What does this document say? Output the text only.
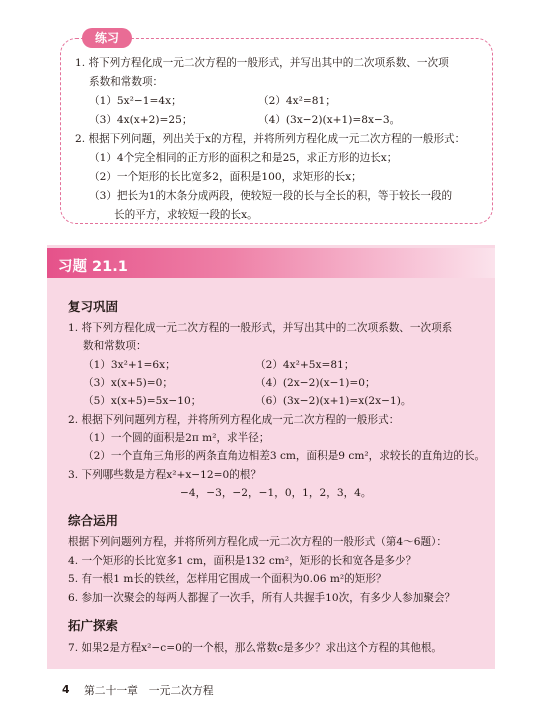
练习
1. 将下列方程化成一元二次方程的一般形式，并写出其中的二次项系数、一次项
系数和常数项：
（1）5x²−1=4x；	（2）4x²=81；
（3）4x(x+2)=25；	（4）(3x−2)(x+1)=8x−3。
2. 根据下列问题，列出关于x的方程，并将所列方程化成一元二次方程的一般形式：
（1）4个完全相同的正方形的面积之和是25，求正方形的边长x；
（2）一个矩形的长比宽多2，面积是100，求矩形的长x；
（3）把长为1的木条分成两段，使较短一段的长与全长的积，等于较长一段的
长的平方，求较短一段的长x。
习题 21.1
复习巩固
1. 将下列方程化成一元二次方程的一般形式，并写出其中的二次项系数、一次项系
数和常数项：
（1）3x²+1=6x；	（2）4x²+5x=81；
（3）x(x+5)=0；	（4）(2x−2)(x−1)=0；
（5）x(x+5)=5x−10；	（6）(3x−2)(x+1)=x(2x−1)。
2. 根据下列问题列方程，并将所列方程化成一元二次方程的一般形式：
（1）一个圆的面积是2π m²，求半径；
（2）一个直角三角形的两条直角边相差3 cm，面积是9 cm²，求较长的直角边的长。
3. 下列哪些数是方程x²+x−12=0的根？
−4，−3，−2，−1，0，1，2，3，4。
综合运用
根据下列问题列方程，并将所列方程化成一元二次方程的一般形式（第4～6题）：
4. 一个矩形的长比宽多1 cm，面积是132 cm²，矩形的长和宽各是多少？
5. 有一根1 m长的铁丝，怎样用它围成一个面积为0.06 m²的矩形？
6. 参加一次聚会的每两人都握了一次手，所有人共握手10次，有多少人参加聚会？
拓广探索
7. 如果2是方程x²−c=0的一个根，那么常数c是多少？求出这个方程的其他根。
4 第二十一章　一元二次方程
